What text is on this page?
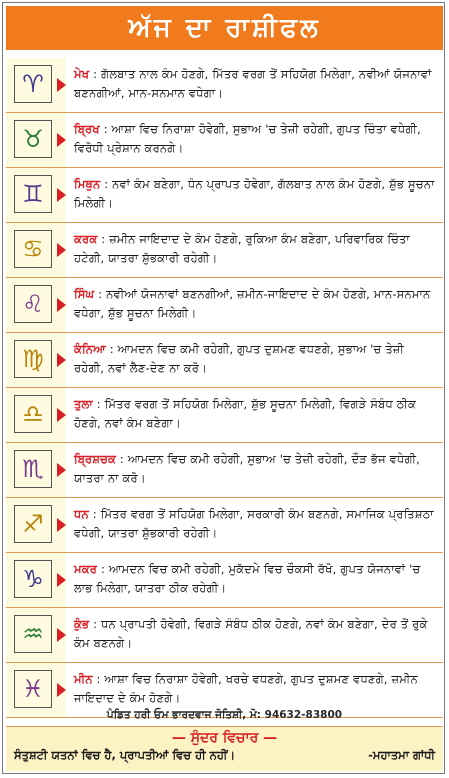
ਅੱਜ ਦਾ ਰਾਸ਼ੀਫਲ
♈	ਮੇਖ : ਗੱਲਬਾਤ ਨਾਲ ਕੰਮ ਹੋਣਗੇ, ਮਿੱਤਰ ਵਰਗ ਤੋਂ ਸਹਿਯੋਗ ਮਿਲੇਗਾ, ਨਵੀਆਂ ਯੋਜਨਾਵਾਂ ਬਣਨਗੀਆਂ, ਮਾਨ-ਸਨਮਾਨ ਵਧੇਗਾ।
♉	ਬ੍ਰਿਖ : ਆਸ਼ਾ ਵਿਚ ਨਿਰਾਸ਼ਾ ਹੋਵੇਗੀ, ਸੁਭਾਅ 'ਚ ਤੇਜ਼ੀ ਰਹੇਗੀ, ਗੁਪਤ ਚਿੰਤਾ ਵਧੇਗੀ, ਵਿਰੋਧੀ ਪ੍ਰੇਸ਼ਾਨ ਕਰਨਗੇ।
♊	ਮਿਥੁਨ : ਨਵਾਂ ਕੰਮ ਬਣੇਗਾ, ਧੰਨ ਪ੍ਰਾਪਤ ਹੋਵੇਗਾ, ਗੱਲਬਾਤ ਨਾਲ ਕੰਮ ਹੋਣਗੇ, ਸ਼ੁੱਭ ਸੂਚਨਾ ਮਿਲੇਗੀ।
♋	ਕਰਕ : ਜ਼ਮੀਨ ਜਾਇਦਾਦ ਦੇ ਕੰਮ ਹੋਣਗੇ, ਰੁਕਿਆ ਕੰਮ ਬਣੇਗਾ, ਪਰਿਵਾਰਿਕ ਚਿੰਤਾ ਹਟੇਗੀ, ਯਾਤਰਾ ਸ਼ੁੱਭਕਾਰੀ ਰਹੇਗੀ।
♌	ਸਿੰਘ : ਨਵੀਆਂ ਯੋਜਨਾਵਾਂ ਬਣਨਗੀਆਂ, ਜ਼ਮੀਨ-ਜਾਇਦਾਦ ਦੇ ਕੰਮ ਹੋਣਗੇ, ਮਾਨ-ਸਨਮਾਨ ਵਧੇਗਾ, ਸ਼ੁੱਭ ਸੂਚਨਾ ਮਿਲੇਗੀ।
♍	ਕੰਨਿਆ : ਆਮਦਨ ਵਿਚ ਕਮੀ ਰਹੇਗੀ, ਗੁਪਤ ਦੁਸ਼ਮਣ ਵਧਣਗੇ, ਸੁਭਾਅ 'ਚ ਤੇਜ਼ੀ ਰਹੇਗੀ, ਨਵਾਂ ਲੈਣ-ਦੇਣ ਨਾ ਕਰੋ।
♎	ਤੁਲਾ : ਮਿੱਤਰ ਵਰਗ ਤੋਂ ਸਹਿਯੋਗ ਮਿਲੇਗਾ, ਸ਼ੁੱਭ ਸੂਚਨਾ ਮਿਲੇਗੀ, ਵਿਗੜੇ ਸੰਬੰਧ ਠੀਕ ਹੋਣਗੇ, ਨਵਾਂ ਕੰਮ ਬਣੇਗਾ।
♏	ਬ੍ਰਿਸ਼ਚਕ : ਆਮਦਨ ਵਿਚ ਕਮੀ ਰਹੇਗੀ, ਸੁਭਾਅ 'ਚ ਤੇਜ਼ੀ ਰਹੇਗੀ, ਦੌੜ ਭੱਜ ਵਧੇਗੀ, ਯਾਤਰਾ ਨਾ ਕਰੋ।
♐	ਧਨ : ਮਿੱਤਰ ਵਰਗ ਤੋਂ ਸਹਿਯੋਗ ਮਿਲੇਗਾ, ਸਰਕਾਰੀ ਕੰਮ ਬਣਨਗੇ, ਸਮਾਜਿਕ ਪ੍ਰਤਿਸ਼ਠਾ ਵਧੇਗੀ, ਯਾਤਰਾ ਸ਼ੁੱਭਕਾਰੀ ਰਹੇਗੀ।
♑	ਮਕਰ : ਆਮਦਨ ਵਿਚ ਕਮੀ ਰਹੇਗੀ, ਮੁਕੱਦਮੇ ਵਿਚ ਚੌਕਸੀ ਰੱਖੋ, ਗੁਪਤ ਯੋਜਨਾਵਾਂ 'ਚ ਲਾਭ ਮਿਲੇਗਾ, ਯਾਤਰਾ ਠੀਕ ਰਹੇਗੀ।
♒	ਕੁੰਭ : ਧਨ ਪ੍ਰਾਪਤੀ ਹੋਵੇਗੀ, ਵਿਗੜੇ ਸੰਬੰਧ ਠੀਕ ਹੋਣਗੇ, ਨਵਾਂ ਕੰਮ ਬਣੇਗਾ, ਦੇਰ ਤੋਂ ਰੁਕੇ ਕੰਮ ਬਣਨਗੇ।
♓	ਮੀਨ : ਆਸ਼ਾ ਵਿਚ ਨਿਰਾਸ਼ਾ ਹੋਵੇਗੀ, ਖਰਚੇ ਵਧਣਗੇ, ਗੁਪਤ ਦੁਸ਼ਮਣ ਵਧਣਗੇ, ਜ਼ਮੀਨ ਜਾਇਦਾਦ ਦੇ ਕੰਮ ਹੋਣਗੇ।
ਪੰਡਿਤ ਹਰੀ ਓਮ ਭਾਰਦਵਾਜ ਜੋਤਿਸ਼ੀ, ਮੋ: 94632-83800
— ਸੁੰਦਰ ਵਿਚਾਰ —
ਸੰਤੁਸ਼ਟੀ ਯਤਨਾਂ ਵਿਚ ਹੈ, ਪ੍ਰਾਪਤੀਆਂ ਵਿਚ ਹੀ ਨਹੀਂ।	-ਮਹਾਤਮਾ ਗਾਂਧੀ
